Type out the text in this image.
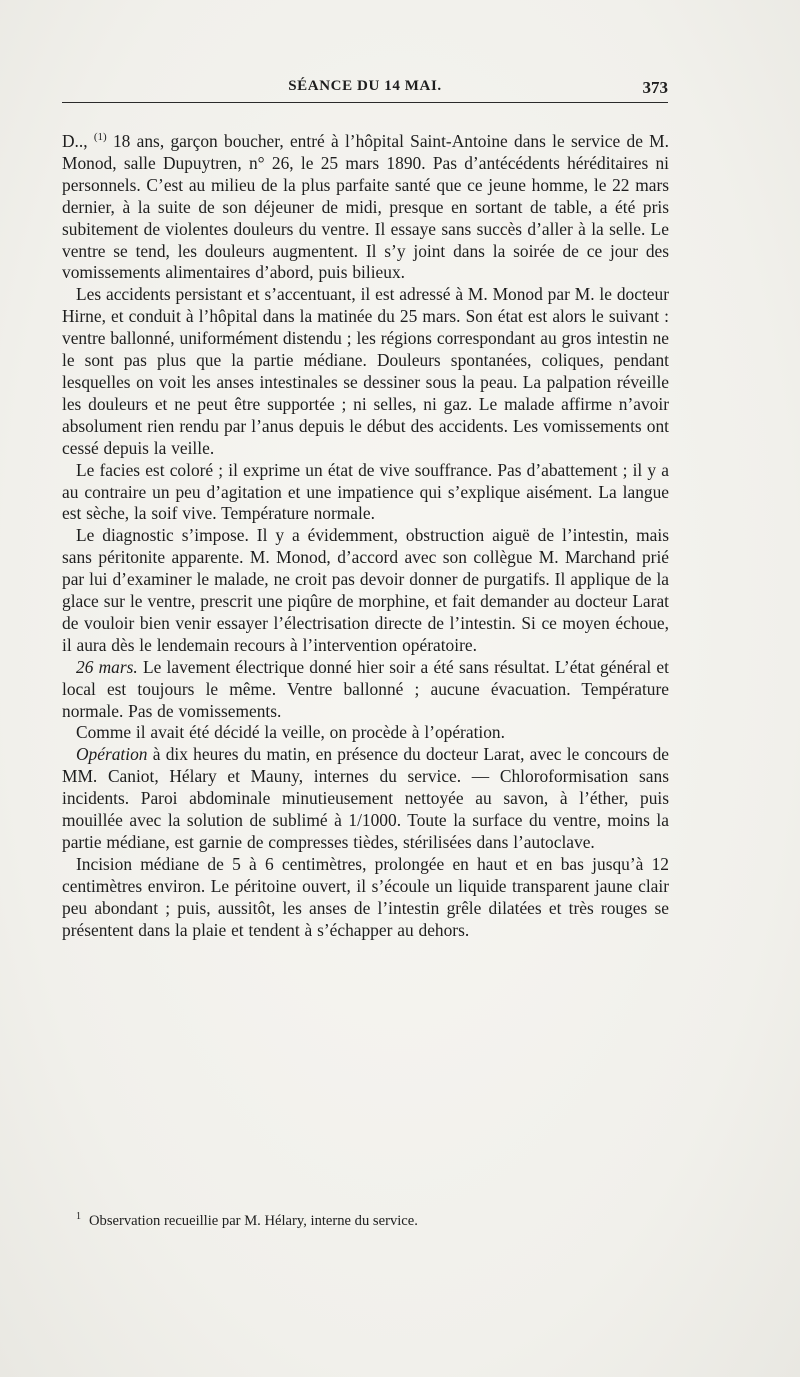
SÉANCE DU 14 MAI.	373

D.., $^{(1)}$ 18 ans, garçon boucher, entré à l’hôpital Saint-Antoine dans le service de M. Monod, salle Dupuytren, n° 26, le 25 mars 1890. Pas d’antécédents héréditaires ni personnels. C’est au milieu de la plus parfaite santé que ce jeune homme, le 22 mars dernier, à la suite de son déjeuner de midi, presque en sortant de table, a été pris subitement de violentes douleurs du ventre. Il essaye sans succès d’aller à la selle. Le ventre se tend, les douleurs augmentent. Il s’y joint dans la soirée de ce jour des vomissements alimentaires d’abord, puis bilieux.

Les accidents persistant et s’accentuant, il est adressé à M. Monod par M. le docteur Hirne, et conduit à l’hôpital dans la matinée du 25 mars. Son état est alors le suivant : ventre ballonné, uniformément distendu ; les régions correspondant au gros intestin ne le sont pas plus que la partie médiane. Douleurs spontanées, coliques, pendant lesquelles on voit les anses intestinales se dessiner sous la peau. La palpation réveille les douleurs et ne peut être supportée ; ni selles, ni gaz. Le malade affirme n’avoir absolument rien rendu par l’anus depuis le début des accidents. Les vomissements ont cessé depuis la veille.

Le facies est coloré ; il exprime un état de vive souffrance. Pas d’abattement ; il y a au contraire un peu d’agitation et une impatience qui s’explique aisément. La langue est sèche, la soif vive. Température normale.

Le diagnostic s’impose. Il y a évidemment, obstruction aiguë de l’intestin, mais sans péritonite apparente. M. Monod, d’accord avec son collègue M. Marchand prié par lui d’examiner le malade, ne croit pas devoir donner de purgatifs. Il applique de la glace sur le ventre, prescrit une piqûre de morphine, et fait demander au docteur Larat de vouloir bien venir essayer l’électrisation directe de l’intestin. Si ce moyen échoue, il aura dès le lendemain recours à l’intervention opératoire.

26 mars. Le lavement électrique donné hier soir a été sans résultat. L’état général et local est toujours le même. Ventre ballonné ; aucune évacuation. Température normale. Pas de vomissements.

Comme il avait été décidé la veille, on procède à l’opération.

Opération à dix heures du matin, en présence du docteur Larat, avec le concours de MM. Caniot, Hélary et Mauny, internes du service. — Chloroformisation sans incidents. Paroi abdominale minutieusement nettoyée au savon, à l’éther, puis mouillée avec la solution de sublimé à 1/1000. Toute la surface du ventre, moins la partie médiane, est garnie de compresses tièdes, stérilisées dans l’autoclave.

Incision médiane de 5 à 6 centimètres, prolongée en haut et en bas jusqu’à 12 centimètres environ. Le péritoine ouvert, il s’écoule un liquide transparent jaune clair peu abondant ; puis, aussitôt, les anses de l’intestin grêle dilatées et très rouges se présentent dans la plaie et tendent à s’échapper au dehors.

$^1$ Observation recueillie par M. Hélary, interne du service.
